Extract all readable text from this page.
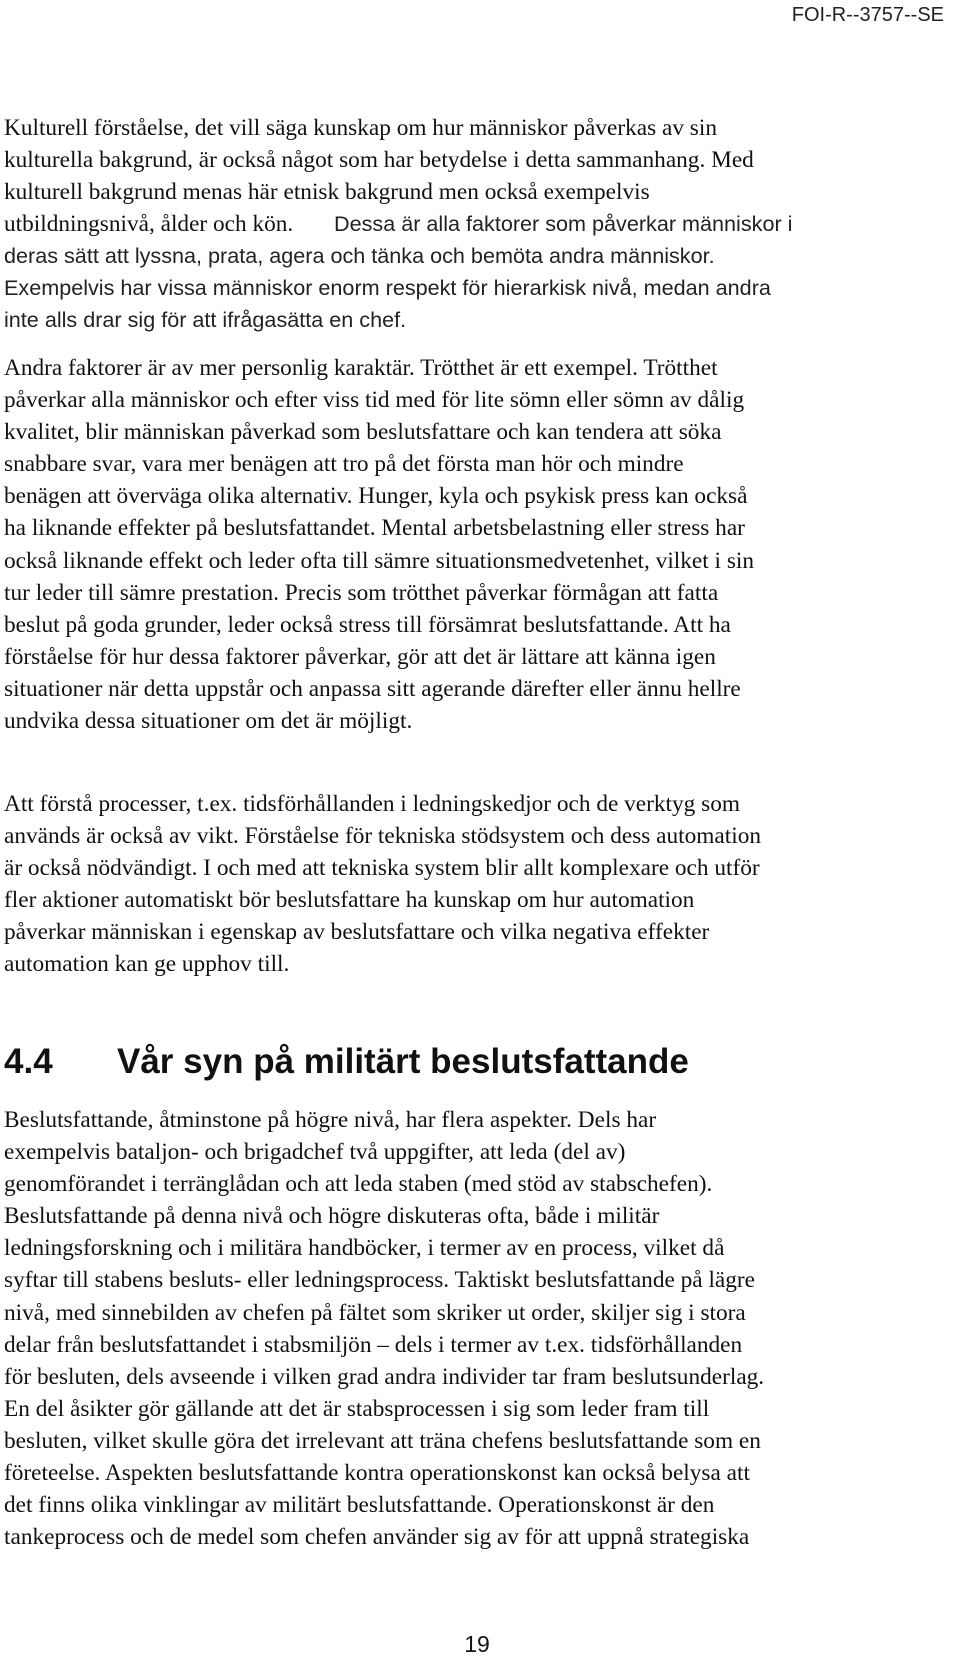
FOI-R--3757--SE

Kulturell förståelse, det vill säga kunskap om hur människor påverkas av sin
kulturella bakgrund, är också något som har betydelse i detta sammanhang. Med
kulturell bakgrund menas här etnisk bakgrund men också exempelvis
utbildningsnivå, ålder och kön.	Dessa är alla faktorer som påverkar människor i
deras sätt att lyssna, prata, agera och tänka och bemöta andra människor.
Exempelvis har vissa människor enorm respekt för hierarkisk nivå, medan andra
inte alls drar sig för att ifrågasätta en chef.

Andra faktorer är av mer personlig karaktär. Trötthet är ett exempel. Trötthet
påverkar alla människor och efter viss tid med för lite sömn eller sömn av dålig
kvalitet, blir människan påverkad som beslutsfattare och kan tendera att söka
snabbare svar, vara mer benägen att tro på det första man hör och mindre
benägen att överväga olika alternativ. Hunger, kyla och psykisk press kan också
ha liknande effekter på beslutsfattandet. Mental arbetsbelastning eller stress har
också liknande effekt och leder ofta till sämre situationsmedvetenhet, vilket i sin
tur leder till sämre prestation. Precis som trötthet påverkar förmågan att fatta
beslut på goda grunder, leder också stress till försämrat beslutsfattande. Att ha
förståelse för hur dessa faktorer påverkar, gör att det är lättare att känna igen
situationer när detta uppstår och anpassa sitt agerande därefter eller ännu hellre
undvika dessa situationer om det är möjligt.

Att förstå processer, t.ex. tidsförhållanden i ledningskedjor och de verktyg som
används är också av vikt. Förståelse för tekniska stödsystem och dess automation
är också nödvändigt. I och med att tekniska system blir allt komplexare och utför
fler aktioner automatiskt bör beslutsfattare ha kunskap om hur automation
påverkar människan i egenskap av beslutsfattare och vilka negativa effekter
automation kan ge upphov till.

4.4 Vår syn på militärt beslutsfattande

Beslutsfattande, åtminstone på högre nivå, har flera aspekter. Dels har
exempelvis bataljon- och brigadchef två uppgifter, att leda (del av)
genomförandet i terränglådan och att leda staben (med stöd av stabschefen).
Beslutsfattande på denna nivå och högre diskuteras ofta, både i militär
ledningsforskning och i militära handböcker, i termer av en process, vilket då
syftar till stabens besluts- eller ledningsprocess. Taktiskt beslutsfattande på lägre
nivå, med sinnebilden av chefen på fältet som skriker ut order, skiljer sig i stora
delar från beslutsfattandet i stabsmiljön – dels i termer av t.ex. tidsförhållanden
för besluten, dels avseende i vilken grad andra individer tar fram beslutsunderlag.
En del åsikter gör gällande att det är stabsprocessen i sig som leder fram till
besluten, vilket skulle göra det irrelevant att träna chefens beslutsfattande som en
företeelse. Aspekten beslutsfattande kontra operationskonst kan också belysa att
det finns olika vinklingar av militärt beslutsfattande. Operationskonst är den
tankeprocess och de medel som chefen använder sig av för att uppnå strategiska

19
